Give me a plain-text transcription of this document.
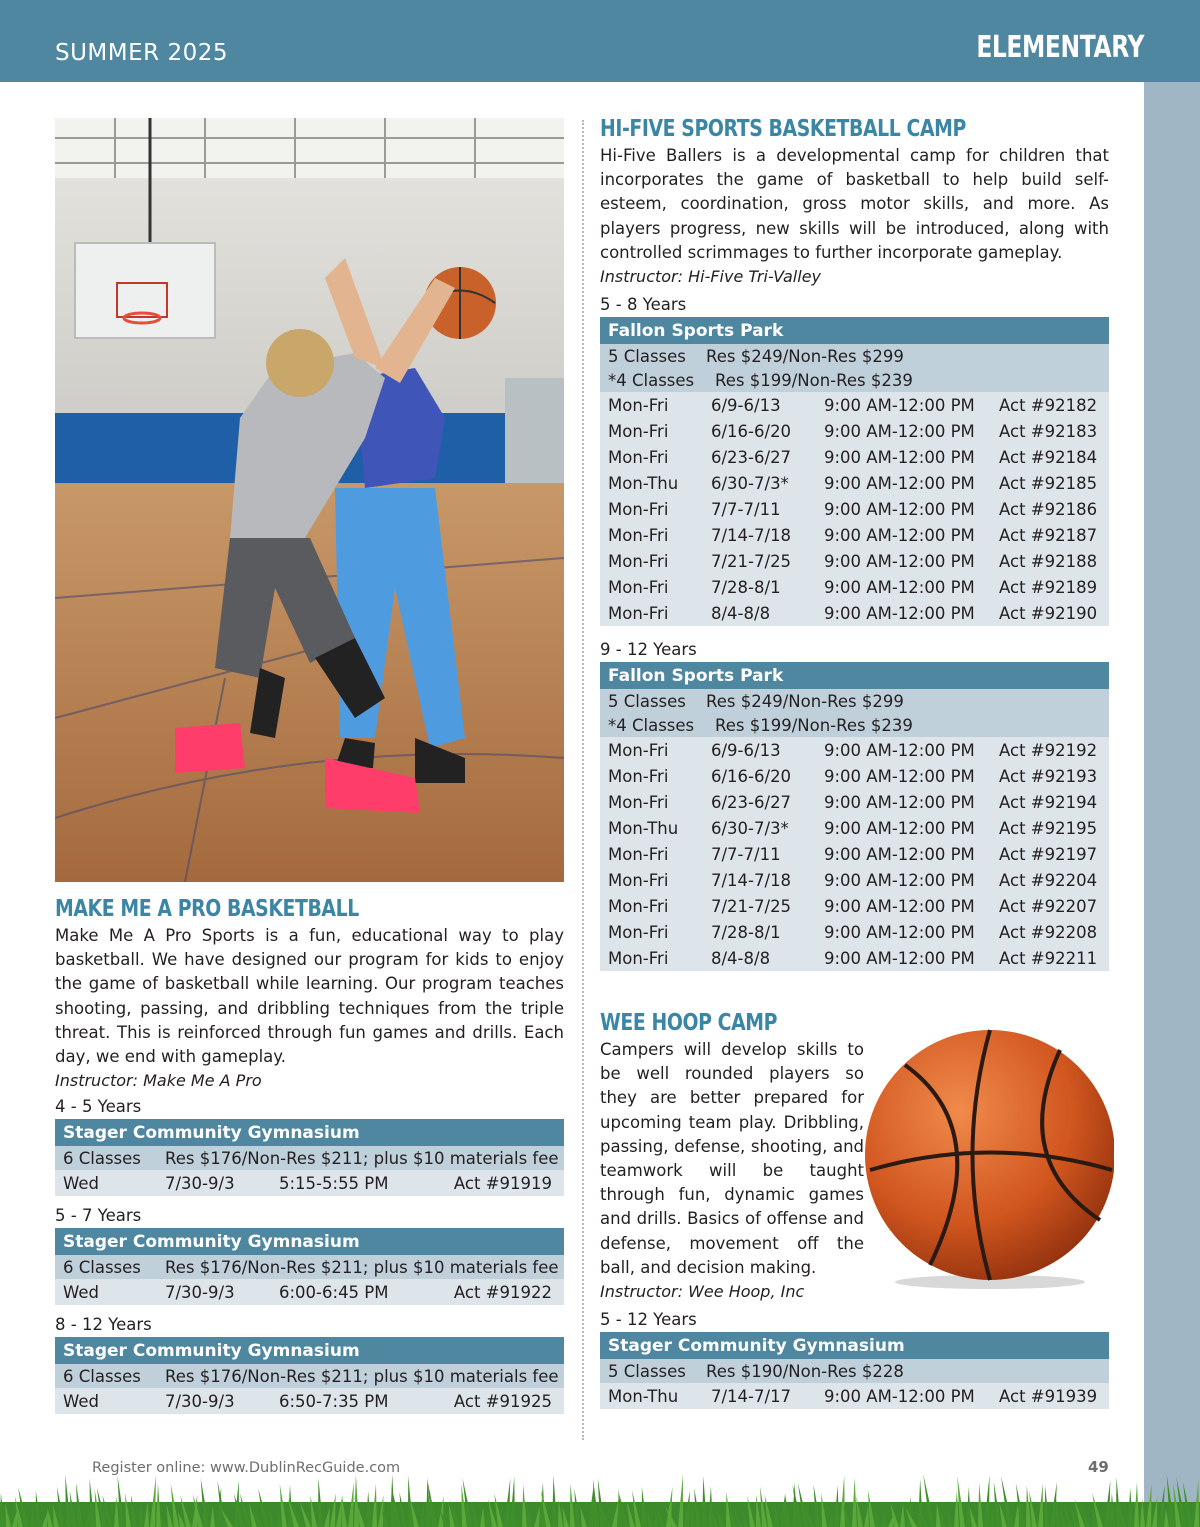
SUMMER 2025	ELEMENTARY
MAKE ME A PRO BASKETBALL

Make Me A Pro Sports is a fun, educational way to play basketball. We have designed our program for kids to enjoy the game of basketball while learning. Our program teaches shooting, passing, and dribbling techniques from the triple threat. This is reinforced through fun games and drills. Each day, we end with gameplay.

Instructor: Make Me A Pro

4 - 5 Years
Stager Community Gymnasium			
6 Classes	Res $176/Non-Res $211; plus $10 materials fee		
Wed	7/30-9/3	5:15-5:55 PM	Act #91919
5 - 7 Years
Stager Community Gymnasium			
6 Classes	Res $176/Non-Res $211; plus $10 materials fee		
Wed	7/30-9/3	6:00-6:45 PM	Act #91922
8 - 12 Years
Stager Community Gymnasium			
6 Classes	Res $176/Non-Res $211; plus $10 materials fee		
Wed	7/30-9/3	6:50-7:35 PM	Act #91925
HI-FIVE SPORTS BASKETBALL CAMP

Hi-Five Ballers is a developmental camp for children that incorporates the game of basketball to help build self-esteem, coordination, gross motor skills, and more. As players progress, new skills will be introduced, along with controlled scrimmages to further incorporate gameplay.

Instructor: Hi-Five Tri-Valley

5 - 8 Years
Fallon Sports Park			
5 Classes Res $249/Non-Res $299			
*4 Classes Res $199/Non-Res $239			
Mon-Fri	6/9-6/13	9:00 AM-12:00 PM	Act #92182
Mon-Fri	6/16-6/20	9:00 AM-12:00 PM	Act #92183
Mon-Fri	6/23-6/27	9:00 AM-12:00 PM	Act #92184
Mon-Thu	6/30-7/3*	9:00 AM-12:00 PM	Act #92185
Mon-Fri	7/7-7/11	9:00 AM-12:00 PM	Act #92186
Mon-Fri	7/14-7/18	9:00 AM-12:00 PM	Act #92187
Mon-Fri	7/21-7/25	9:00 AM-12:00 PM	Act #92188
Mon-Fri	7/28-8/1	9:00 AM-12:00 PM	Act #92189
Mon-Fri	8/4-8/8	9:00 AM-12:00 PM	Act #92190
9 - 12 Years
Fallon Sports Park			
5 Classes Res $249/Non-Res $299			
*4 Classes Res $199/Non-Res $239			
Mon-Fri	6/9-6/13	9:00 AM-12:00 PM	Act #92192
Mon-Fri	6/16-6/20	9:00 AM-12:00 PM	Act #92193
Mon-Fri	6/23-6/27	9:00 AM-12:00 PM	Act #92194
Mon-Thu	6/30-7/3*	9:00 AM-12:00 PM	Act #92195
Mon-Fri	7/7-7/11	9:00 AM-12:00 PM	Act #92197
Mon-Fri	7/14-7/18	9:00 AM-12:00 PM	Act #92204
Mon-Fri	7/21-7/25	9:00 AM-12:00 PM	Act #92207
Mon-Fri	7/28-8/1	9:00 AM-12:00 PM	Act #92208
Mon-Fri	8/4-8/8	9:00 AM-12:00 PM	Act #92211
WEE HOOP CAMP

Campers will develop skills to be well rounded players so they are better prepared for upcoming team play. Dribbling, passing, defense, shooting, and teamwork will be taught through fun, dynamic games and drills. Basics of offense and defense, movement off the ball, and decision making.

Instructor: Wee Hoop, Inc

5 - 12 Years
Stager Community Gymnasium
5 Classes Res $190/Non-Res $228
Mon-Thu	7/14-7/17	9:00 AM-12:00 PM	Act #91939
Register online: www.DublinRecGuide.com	49
